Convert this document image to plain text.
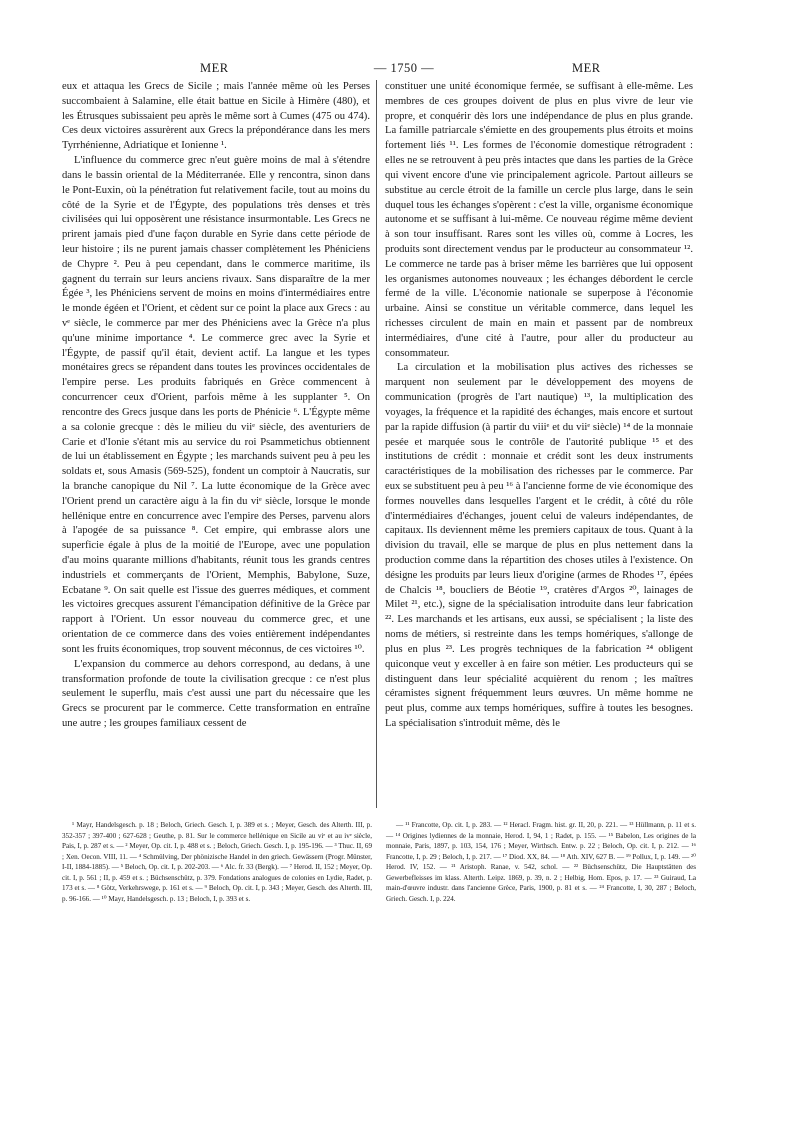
— 1750 —
MER	MER

eux et attaqua les Grecs de Sicile ; mais l'année même où les Perses succombaient à Salamine, elle était battue en Sicile à Himère (480), et les Étrusques subissaient peu après le même sort à Cumes (475 ou 474). Ces deux victoires assurèrent aux Grecs la prépondérance dans les mers Tyrrhénienne, Adriatique et Ionienne ¹.

L'influence du commerce grec n'eut guère moins de mal à s'étendre dans le bassin oriental de la Méditerranée. Elle y rencontra, sinon dans le Pont-Euxin, où la pénétration fut relativement facile, tout au moins du côté de la Syrie et de l'Égypte, des populations très denses et très civilisées qui lui opposèrent une résistance insurmontable. Les Grecs ne prirent jamais pied d'une façon durable en Syrie dans cette période de leur histoire ; ils ne purent jamais chasser complètement les Phéniciens de Chypre ². Peu à peu cependant, dans le commerce maritime, ils gagnent du terrain sur leurs anciens rivaux. Sans disparaître de la mer Égée ³, les Phéniciens servent de moins en moins d'intermédiaires entre le monde égéen et l'Orient, et cèdent sur ce point la place aux Grecs : au vᵉ siècle, le commerce par mer des Phéniciens avec la Grèce n'a plus qu'une minime importance ⁴. Le commerce grec avec la Syrie et l'Égypte, de passif qu'il était, devient actif. La langue et les types monétaires grecs se répandent dans toutes les provinces occidentales de l'empire perse. Les produits fabriqués en Grèce commencent à concurrencer ceux d'Orient, parfois même à les supplanter ⁵. On rencontre des Grecs jusque dans les ports de Phénicie ⁶. L'Égypte même a sa colonie grecque : dès le milieu du viiᵉ siècle, des aventuriers de Carie et d'Ionie s'étant mis au service du roi Psammetichus obtiennent de lui un établissement en Égypte ; les marchands suivent peu à peu les soldats et, sous Amasis (569-525), fondent un comptoir à Naucratis, sur la branche canopique du Nil ⁷. La lutte économique de la Grèce avec l'Orient prend un caractère aigu à la fin du viᵉ siècle, lorsque le monde hellénique entre en concurrence avec l'empire des Perses, parvenu alors à l'apogée de sa puissance ⁸. Cet empire, qui embrasse alors une superficie égale à plus de la moitié de l'Europe, avec une population d'au moins quarante millions d'habitants, réunit tous les grands centres industriels et commerçants de l'Orient, Memphis, Babylone, Suze, Ecbatane ⁹. On sait quelle est l'issue des guerres médiques, et comment les victoires grecques assurent l'émancipation définitive de la Grèce par rapport à l'Orient. Un essor nouveau du commerce grec, et une orientation de ce commerce dans des voies entièrement indépendantes sont les fruits économiques, trop souvent méconnus, de ces victoires ¹⁰.

L'expansion du commerce au dehors correspond, au dedans, à une transformation profonde de toute la civilisation grecque : ce n'est plus seulement le superflu, mais c'est aussi une part du nécessaire que les Grecs se procurent par le commerce. Cette transformation en entraîne une autre ; les groupes familiaux cessent de

constituer une unité économique fermée, se suffisant à elle-même. Les membres de ces groupes doivent de plus en plus vivre de leur vie propre, et conquérir dès lors une indépendance de plus en plus grande. La famille patriarcale s'émiette en des groupements plus étroits et moins fortement liés ¹¹. Les formes de l'économie domestique rétrogradent : elles ne se retrouvent à peu près intactes que dans les parties de la Grèce qui vivent encore d'une vie principalement agricole. Partout ailleurs se substitue au cercle étroit de la famille un cercle plus large, dans le sein duquel tous les échanges s'opèrent : c'est la ville, organisme économique autonome et se suffisant à lui-même. Ce nouveau régime même devient à son tour insuffisant. Rares sont les villes où, comme à Locres, les produits sont directement vendus par le producteur au consommateur ¹². Le commerce ne tarde pas à briser même les barrières que lui opposent les organismes autonomes nouveaux ; les échanges débordent le cercle fermé de la ville. L'économie nationale se superpose à l'économie urbaine. Ainsi se constitue un véritable commerce, dans lequel les richesses circulent de main en main et passent par de nombreux intermédiaires, d'une cité à l'autre, pour aller du producteur au consommateur.

La circulation et la mobilisation plus actives des richesses se marquent non seulement par le développement des moyens de communication (progrès de l'art nautique) ¹³, la multiplication des voyages, la fréquence et la rapidité des échanges, mais encore et surtout par la rapide diffusion (à partir du viiiᵉ et du viiᵉ siècle) ¹⁴ de la monnaie pesée et marquée sous le contrôle de l'autorité publique ¹⁵ et des institutions de crédit : monnaie et crédit sont les deux instruments caractéristiques de la mobilisation des richesses par le commerce. Par eux se substituent peu à peu ¹⁶ à l'ancienne forme de vie économique des formes nouvelles dans lesquelles l'argent et le crédit, à côté du rôle d'intermédiaires d'échanges, jouent celui de valeurs indépendantes, de capitaux. Ils deviennent même les premiers capitaux de tous. Quant à la division du travail, elle se marque de plus en plus nettement dans la production comme dans la répartition des choses utiles à l'existence. On désigne les produits par leurs lieux d'origine (armes de Rhodes ¹⁷, épées de Chalcis ¹⁸, boucliers de Béotie ¹⁹, cratères d'Argos ²⁰, lainages de Milet ²¹, etc.), signe de la spécialisation introduite dans leur fabrication ²². Les marchands et les artisans, eux aussi, se spécialisent ; la liste des noms de métiers, si restreinte dans les temps homériques, s'allonge de plus en plus ²³. Les progrès techniques de la fabrication ²⁴ obligent quiconque veut y exceller à en faire son métier. Les producteurs qui se distinguent dans leur spécialité acquièrent du renom ; les maîtres céramistes signent fréquemment leurs œuvres. Un même homme ne peut plus, comme aux temps homériques, suffire à toutes les besognes. La spécialisation s'introduit même, dès le

¹ Mayr, Handelsgesch. p. 18 ; Beloch, Griech. Gesch. I, p. 389 et s. ; Meyer, Gesch. des Alterth. III, p. 352-357 ; 397-400 ; 627-628 ; Geuthe, p. 81. Sur le commerce hellénique en Sicile au viᵉ et au ivᵉ siècle, Pais, I, p. 287 et s. — ² Meyer, Op. cit. I, p. 488 et s. ; Beloch, Griech. Gesch. I, p. 195-196. — ³ Thuc. II, 69 ; Xen. Oecon. VIII, 11. — ⁴ Schmülving, Der phönizische Handel in den griech. Gewässern (Progr. Münster, I-II, 1884-1885). — ⁵ Beloch, Op. cit. I, p. 202-203. — ⁶ Alc. fr. 33 (Bergk). — ⁷ Herod. II, 152 ; Meyer, Op. cit. I, p. 561 ; II, p. 459 et s. ; Büchsenschütz, p. 379. Fondations analogues de colonies en Lydie, Radet, p. 173 et s. — ⁸ Götz, Verkehrswege, p. 161 et s. — ⁹ Beloch, Op. cit. I, p. 343 ; Meyer, Gesch. des Alterth. III, p. 96-166. — ¹⁰ Mayr, Handelsgesch. p. 13 ; Beloch, I, p. 393 et s.

— ¹¹ Francotte, Op. cit. I, p. 283. — ¹² Heracl. Fragm. hist. gr. II, 20, p. 221. — ¹³ Hüllmann, p. 11 et s. — ¹⁴ Origines lydiennes de la monnaie, Herod. I, 94, 1 ; Radet, p. 155. — ¹⁵ Babelon, Les origines de la monnaie, Paris, 1897, p. 103, 154, 176 ; Meyer, Wirthsch. Entw. p. 22 ; Beloch, Op. cit. I, p. 212. — ¹⁶ Francotte, I, p. 29 ; Beloch, I, p. 217. — ¹⁷ Diod. XX, 84. — ¹⁸ Ath. XIV, 627 B. — ¹⁹ Pollux, I, p. 149. — ²⁰ Herod. IV, 152. — ²¹ Aristoph. Ranae, v. 542, schol. — ²² Büchsenschütz, Die Hauptstätten des Gewerbefleisses im klass. Alterth. Leipz. 1869, p. 39, n. 2 ; Helbig, Hom. Epos, p. 17. — ²³ Guiraud, La main-d'œuvre industr. dans l'ancienne Grèce, Paris, 1900, p. 81 et s. — ²⁴ Francotte, I, 30, 287 ; Beloch, Griech. Gesch. I, p. 224.
